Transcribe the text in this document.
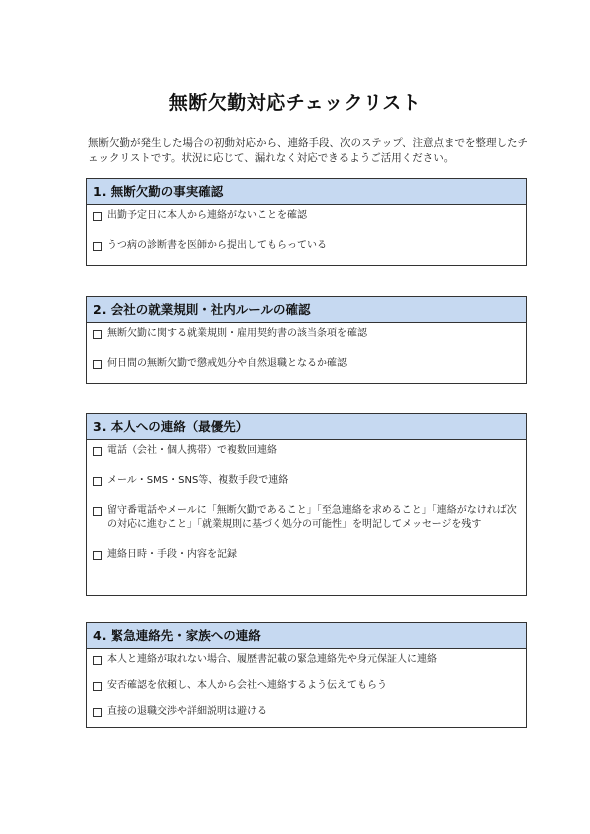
無断欠勤対応チェックリスト
無断欠勤が発生した場合の初動対応から、連絡手段、次のステップ、注意点までを整理したチェックリストです。状況に応じて、漏れなく対応できるようご活用ください。
1. 無断欠勤の事実確認
出勤予定日に本人から連絡がないことを確認
うつ病の診断書を医師から提出してもらっている
2. 会社の就業規則・社内ルールの確認
無断欠勤に関する就業規則・雇用契約書の該当条項を確認
何日間の無断欠勤で懲戒処分や自然退職となるか確認
3. 本人への連絡（最優先）
電話（会社・個人携帯）で複数回連絡
メール・SMS・SNS等、複数手段で連絡
留守番電話やメールに「無断欠勤であること」「至急連絡を求めること」「連絡がなければ次の対応に進むこと」「就業規則に基づく処分の可能性」を明記してメッセージを残す
連絡日時・手段・内容を記録
4. 緊急連絡先・家族への連絡
本人と連絡が取れない場合、履歴書記載の緊急連絡先や身元保証人に連絡
安否確認を依頼し、本人から会社へ連絡するよう伝えてもらう
直接の退職交渉や詳細説明は避ける
